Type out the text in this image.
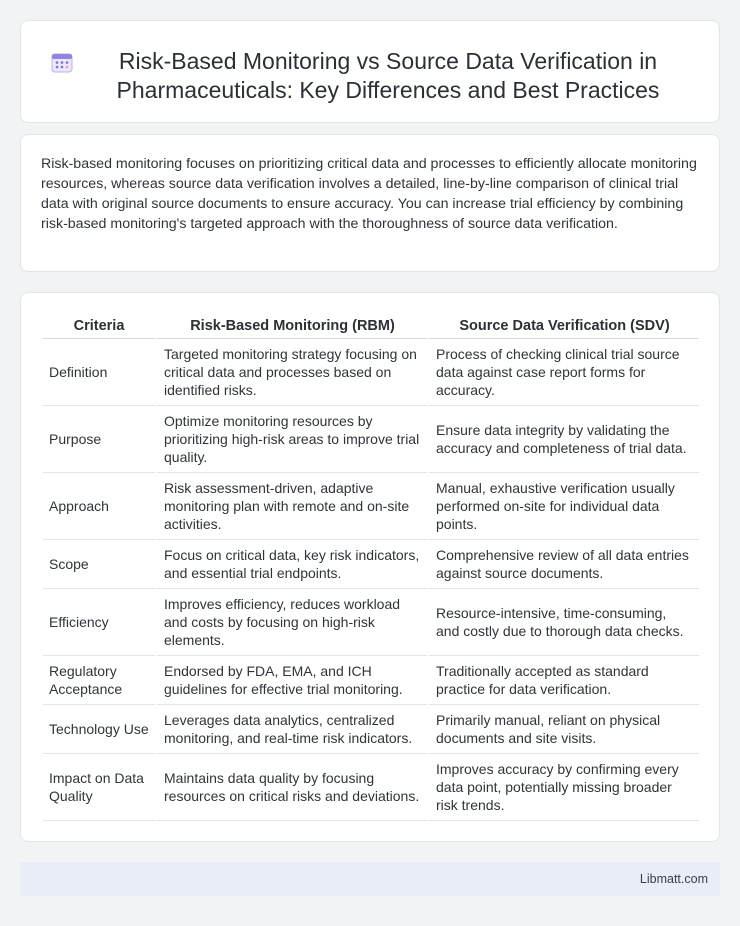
Risk-Based Monitoring vs Source Data Verification in Pharmaceuticals: Key Differences and Best Practices

Risk-based monitoring focuses on prioritizing critical data and processes to efficiently allocate monitoring resources, whereas source data verification involves a detailed, line-by-line comparison of clinical trial data with original source documents to ensure accuracy. You can increase trial efficiency by combining risk-based monitoring's targeted approach with the thoroughness of source data verification.

Criteria	Risk-Based Monitoring (RBM)	Source Data Verification (SDV)
Definition	Targeted monitoring strategy focusing on critical data and processes based on identified risks.	Process of checking clinical trial source data against case report forms for accuracy.
Purpose	Optimize monitoring resources by prioritizing high-risk areas to improve trial quality.	Ensure data integrity by validating the accuracy and completeness of trial data.
Approach	Risk assessment-driven, adaptive monitoring plan with remote and on-site activities.	Manual, exhaustive verification usually performed on-site for individual data points.
Scope	Focus on critical data, key risk indicators, and essential trial endpoints.	Comprehensive review of all data entries against source documents.
Efficiency	Improves efficiency, reduces workload and costs by focusing on high-risk elements.	Resource-intensive, time-consuming, and costly due to thorough data checks.
Regulatory Acceptance	Endorsed by FDA, EMA, and ICH guidelines for effective trial monitoring.	Traditionally accepted as standard practice for data verification.
Technology Use	Leverages data analytics, centralized monitoring, and real-time risk indicators.	Primarily manual, reliant on physical documents and site visits.
Impact on Data Quality	Maintains data quality by focusing resources on critical risks and deviations.	Improves accuracy by confirming every data point, potentially missing broader risk trends.
Libmatt.com
